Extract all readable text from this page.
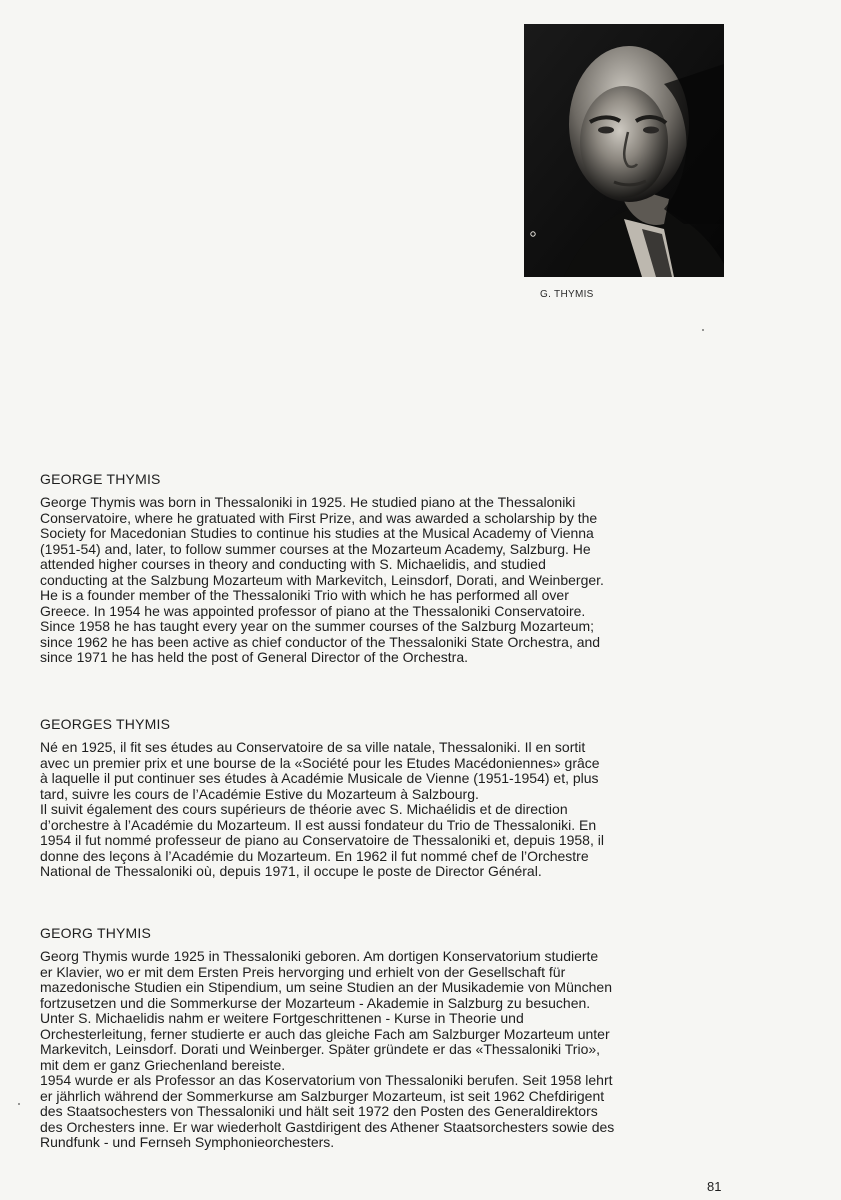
G. THYMIS
GEORGE THYMIS

George Thymis was born in Thessaloniki in 1925. He studied piano at the Thessaloniki
Conservatoire, where he gratuated with First Prize, and was awarded a scholarship by the
Society for Macedonian Studies to continue his studies at the Musical Academy of Vienna
(1951-54) and, later, to follow summer courses at the Mozarteum Academy, Salzburg. He
attended higher courses in theory and conducting with S. Michaelidis, and studied
conducting at the Salzbung Mozarteum with Markevitch, Leinsdorf, Dorati, and Weinberger.
He is a founder member of the Thessaloniki Trio with which he has performed all over
Greece. In 1954 he was appointed professor of piano at the Thessaloniki Conservatoire.
Since 1958 he has taught every year on the summer courses of the Salzburg Mozarteum;
since 1962 he has been active as chief conductor of the Thessaloniki State Orchestra, and
since 1971 he has held the post of General Director of the Orchestra.

GEORGES THYMIS

Né en 1925, il fit ses études au Conservatoire de sa ville natale, Thessaloniki. Il en sortit
avec un premier prix et une bourse de la «Société pour les Etudes Macédoniennes» grâce
à laquelle il put continuer ses études à Académie Musicale de Vienne (1951-1954) et, plus
tard, suivre les cours de l’Académie Estive du Mozarteum à Salzbourg.
Il suivit également des cours supérieurs de théorie avec S. Michaélidis et de direction
d’orchestre à l’Académie du Mozarteum. Il est aussi fondateur du Trio de Thessaloniki. En
1954 il fut nommé professeur de piano au Conservatoire de Thessaloniki et, depuis 1958, il
donne des leçons à l’Académie du Mozarteum. En 1962 il fut nommé chef de l’Orchestre
National de Thessaloniki où, depuis 1971, il occupe le poste de Director Général.

GEORG THYMIS

Georg Thymis wurde 1925 in Thessaloniki geboren. Am dortigen Konservatorium studierte
er Klavier, wo er mit dem Ersten Preis hervorging und erhielt von der Gesellschaft für
mazedonische Studien ein Stipendium, um seine Studien an der Musikademie von München
fortzusetzen und die Sommerkurse der Mozarteum - Akademie in Salzburg zu besuchen.
Unter S. Michaelidis nahm er weitere Fortgeschrittenen - Kurse in Theorie und
Orchesterleitung, ferner studierte er auch das gleiche Fach am Salzburger Mozarteum unter
Markevitch, Leinsdorf. Dorati und Weinberger. Später gründete er das «Thessaloniki Trio»,
mit dem er ganz Griechenland bereiste.
1954 wurde er als Professor an das Koservatorium von Thessaloniki berufen. Seit 1958 lehrt
er jährlich während der Sommerkurse am Salzburger Mozarteum, ist seit 1962 Chefdirigent
des Staatsochesters von Thessaloniki und hält seit 1972 den Posten des Generaldirektors
des Orchesters inne. Er war wiederholt Gastdirigent des Athener Staatsorchesters sowie des
Rundfunk - und Fernseh Symphonieorchesters.

81
